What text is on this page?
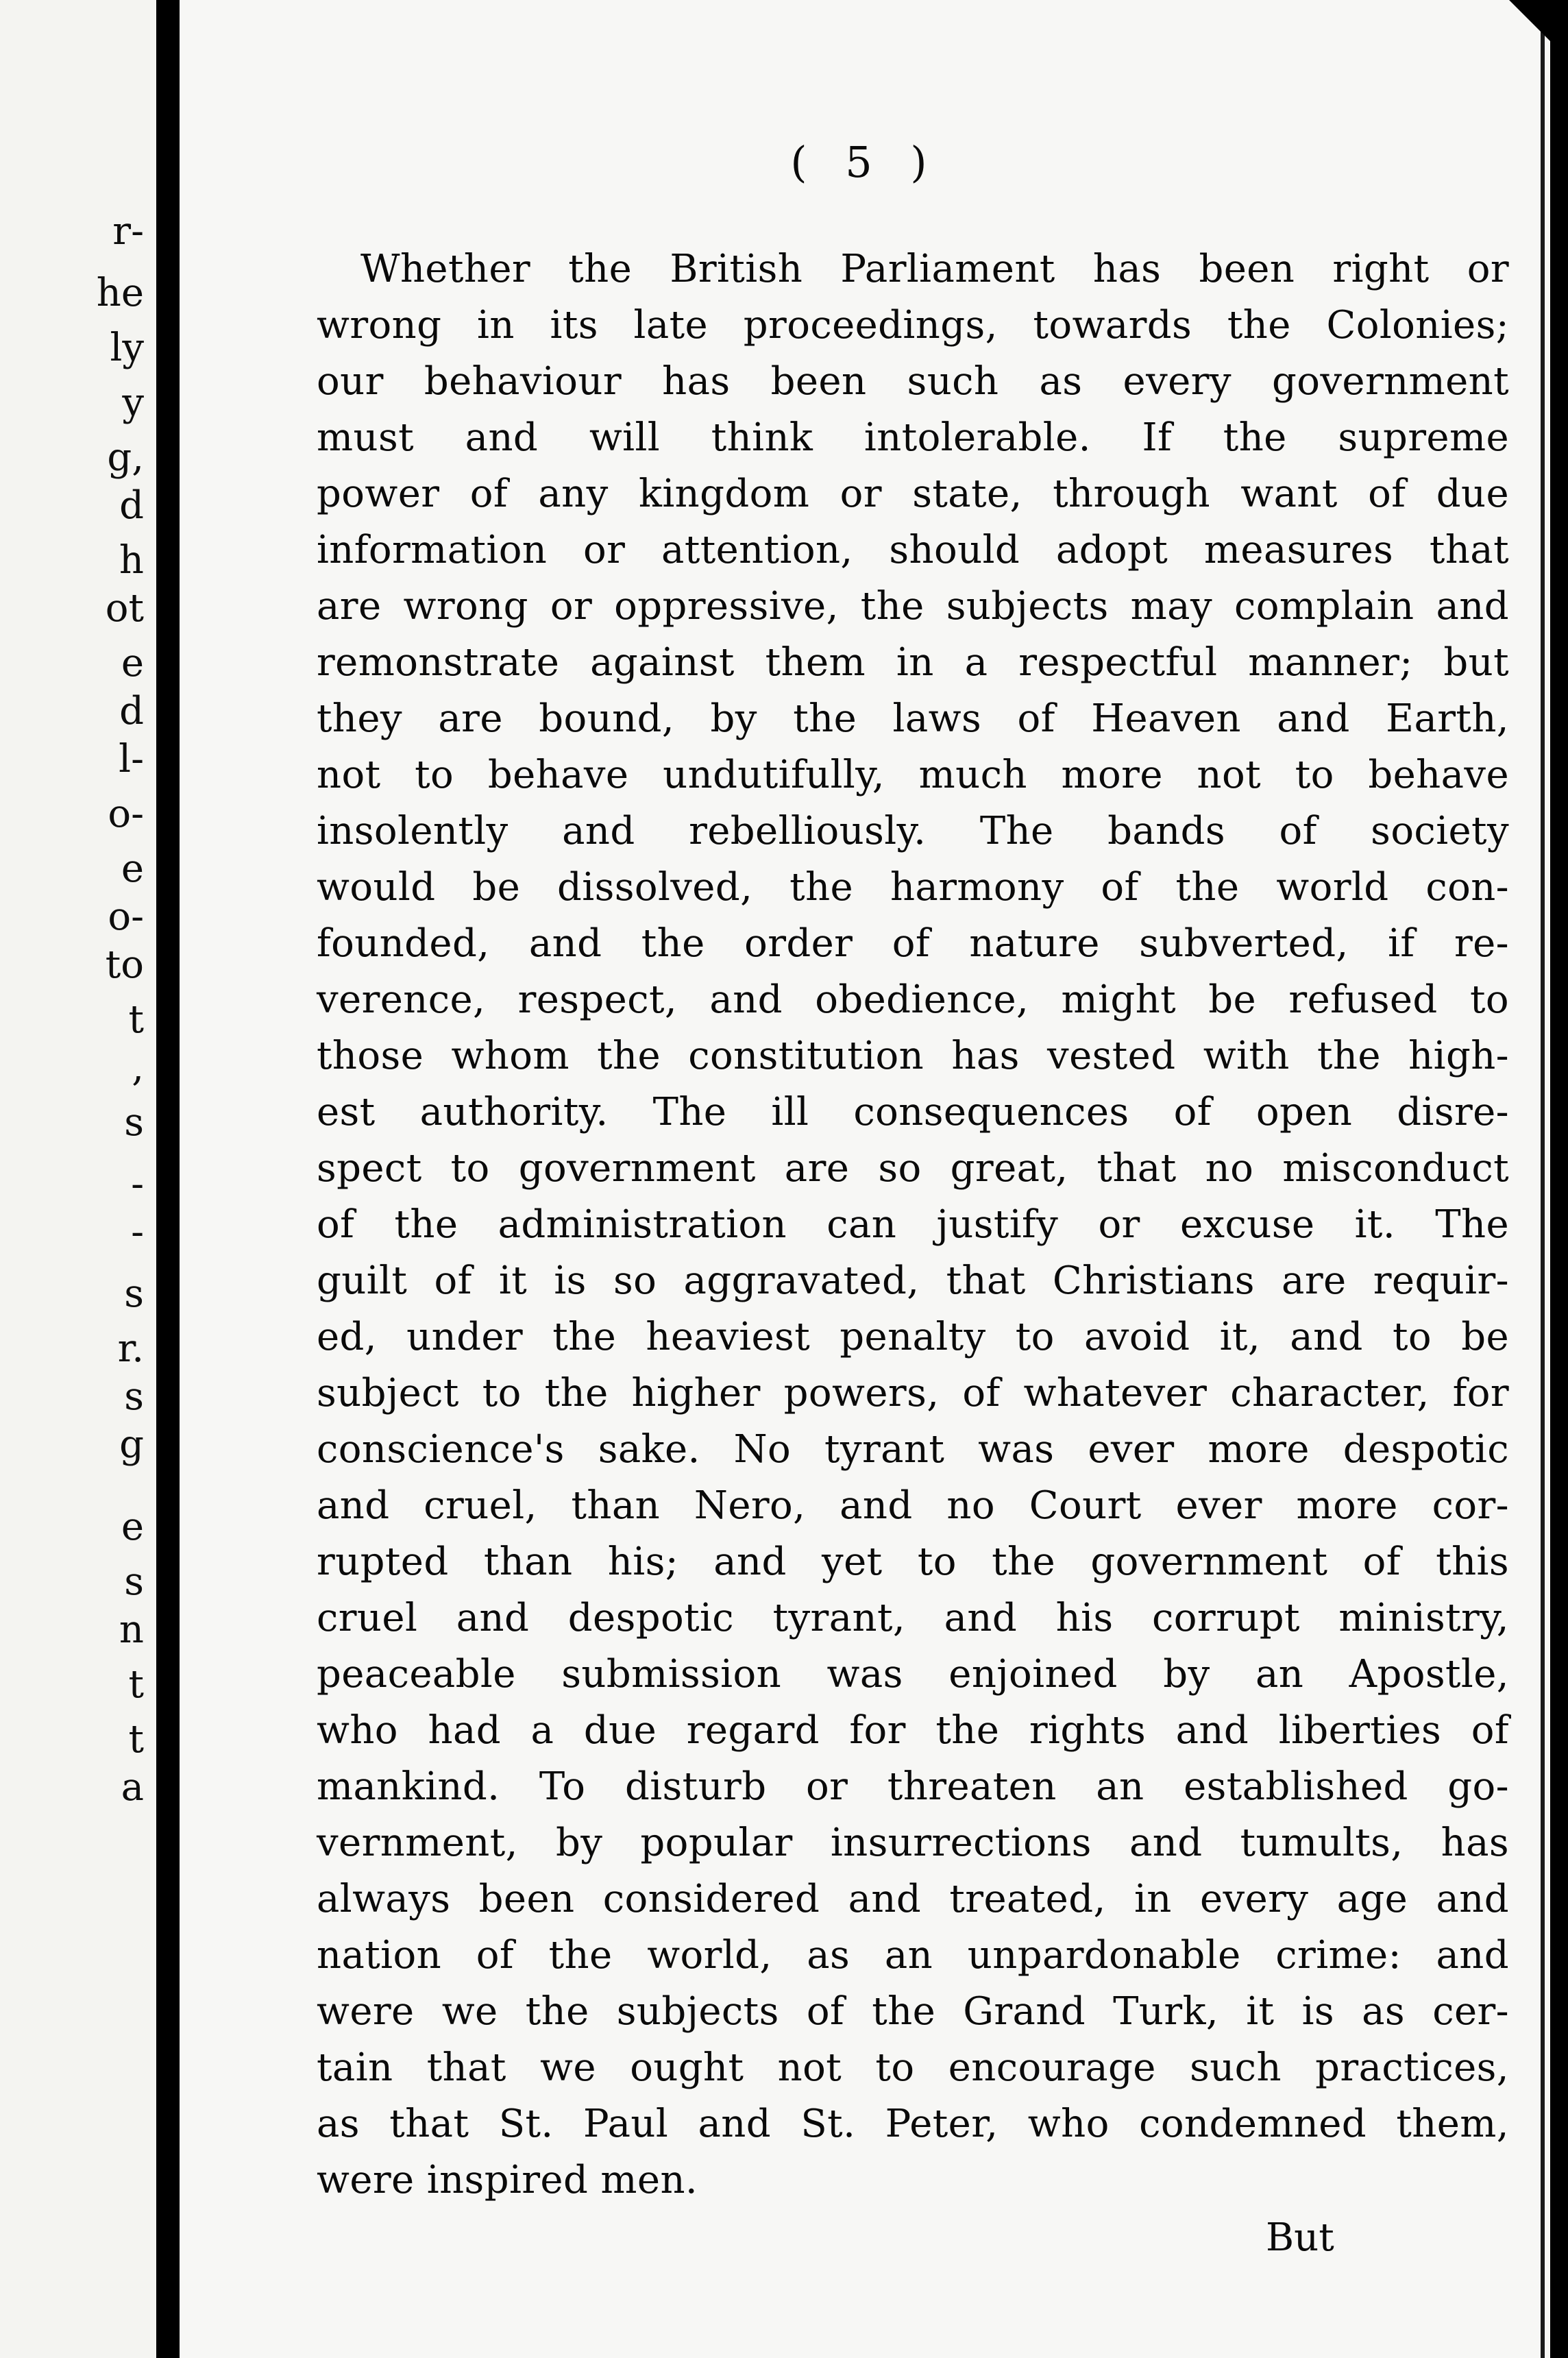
r-
he
ly
y
g,
d
h
ot
e
d
l-
o-
e
o-
to
t
,
s
-
-
s
r.
s
g
e
s
n
t
t
a
( 5 )
Whether the British Parliament has been right or
wrong in its late proceedings, towards the Colonies;
our behaviour has been such as every government
must and will think intolerable. If the supreme
power of any kingdom or state, through want of due
information or attention, should adopt measures that
are wrong or oppressive, the subjects may complain and
remonstrate against them in a respectful manner; but
they are bound, by the laws of Heaven and Earth,
not to behave undutifully, much more not to behave
insolently and rebelliously. The bands of society
would be dissolved, the harmony of the world con-
founded, and the order of nature subverted, if re-
verence, respect, and obedience, might be refused to
those whom the constitution has vested with the high-
est authority. The ill consequences of open disre-
spect to government are so great, that no misconduct
of the administration can justify or excuse it. The
guilt of it is so aggravated, that Christians are requir-
ed, under the heaviest penalty to avoid it, and to be
subject to the higher powers, of whatever character, for
conscience's sake. No tyrant was ever more despotic
and cruel, than Nero, and no Court ever more cor-
rupted than his; and yet to the government of this
cruel and despotic tyrant, and his corrupt ministry,
peaceable submission was enjoined by an Apostle,
who had a due regard for the rights and liberties of
mankind. To disturb or threaten an established go-
vernment, by popular insurrections and tumults, has
always been considered and treated, in every age and
nation of the world, as an unpardonable crime: and
were we the subjects of the Grand Turk, it is as cer-
tain that we ought not to encourage such practices,
as that St. Paul and St. Peter, who condemned them,
were inspired men.
But
